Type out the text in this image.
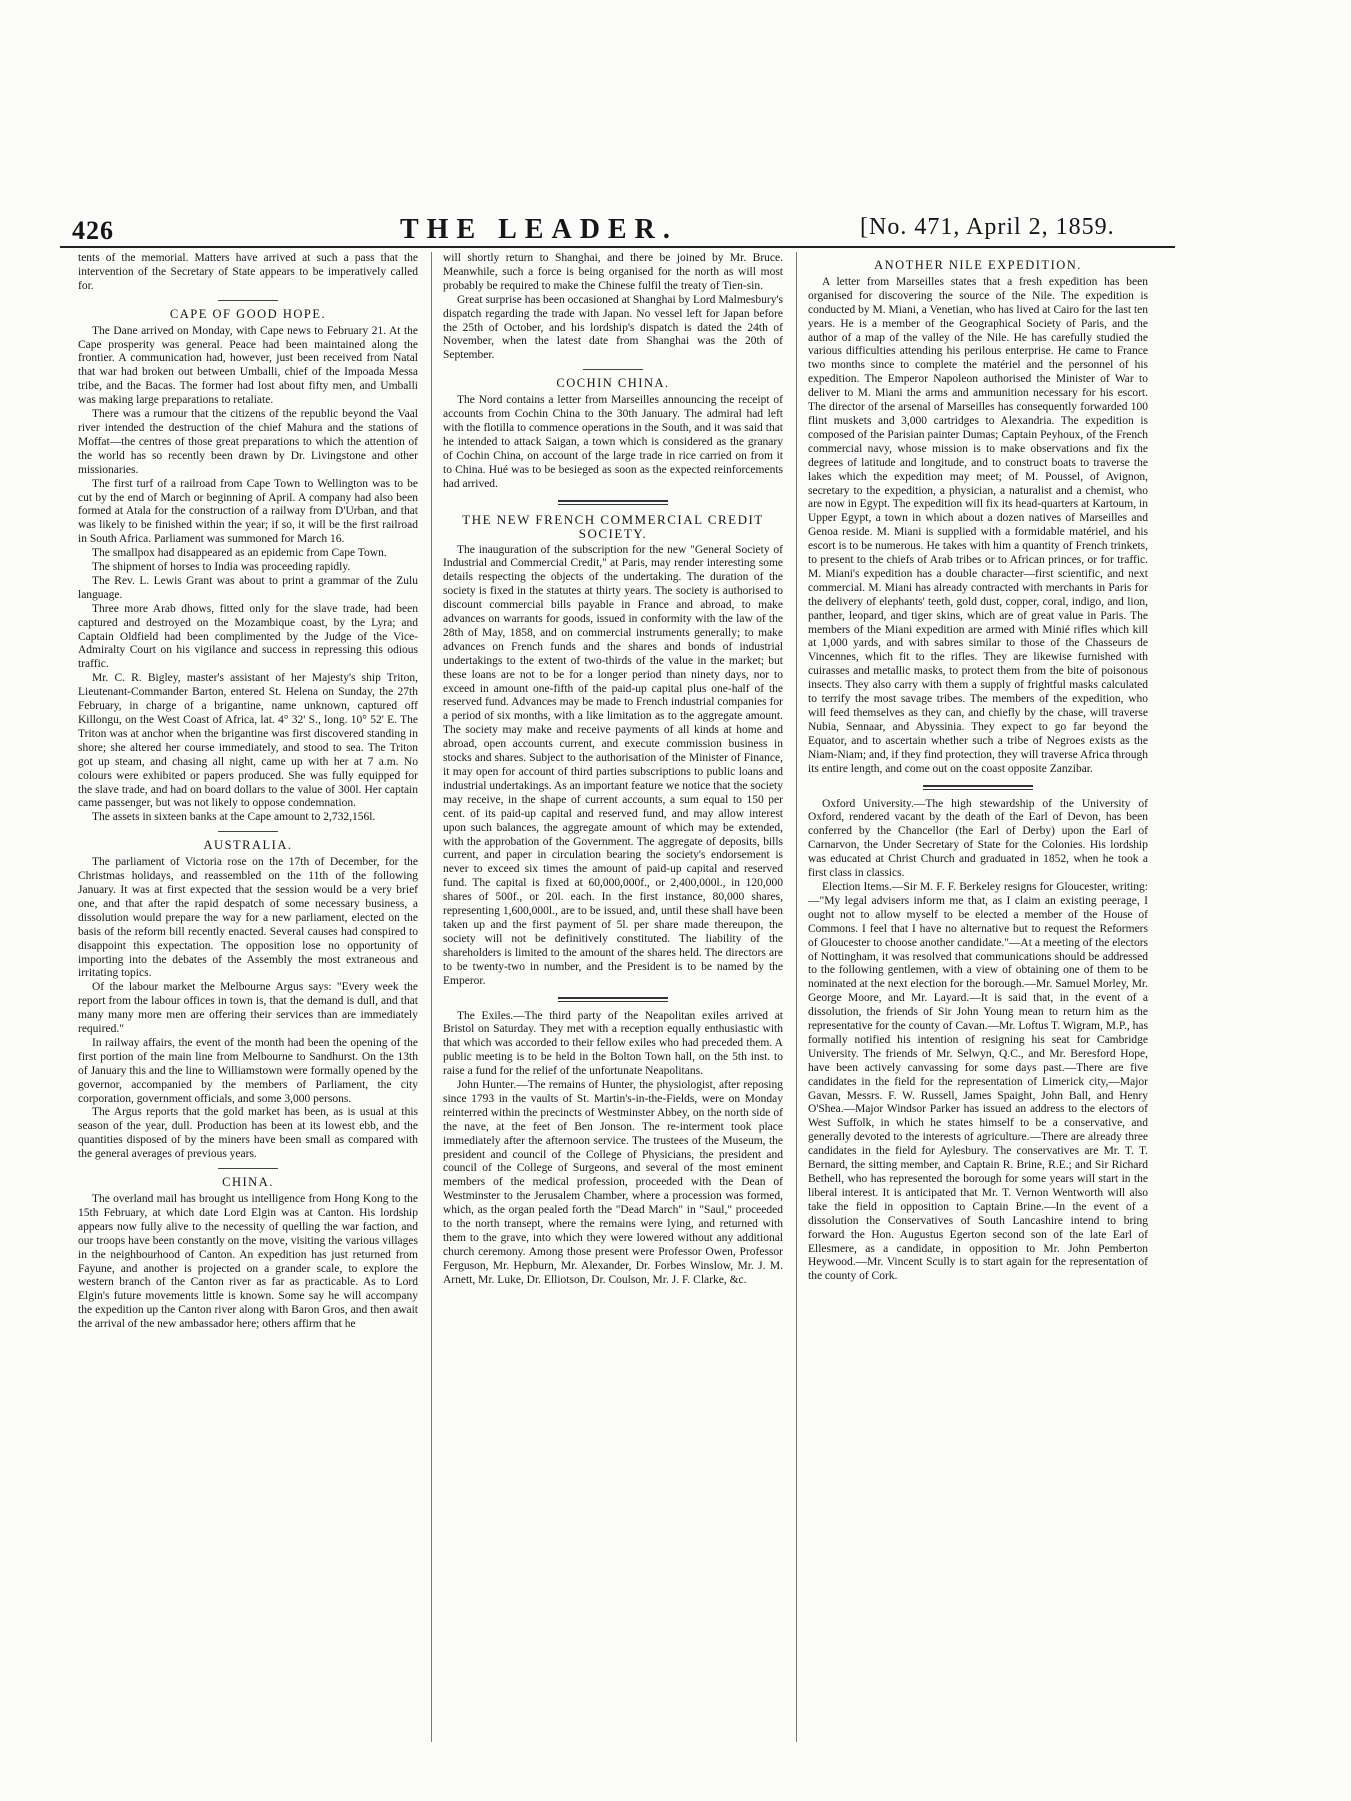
426	THE LEADER.	[No. 471, April 2, 1859.

tents of the memorial. Matters have arrived at such a pass that the intervention of the Secretary of State appears to be imperatively called for.

CAPE OF GOOD HOPE.

The Dane arrived on Monday, with Cape news to February 21. At the Cape prosperity was general. Peace had been maintained along the frontier. A communication had, however, just been received from Natal that war had broken out between Umballi, chief of the Impoada Messa tribe, and the Bacas. The former had lost about fifty men, and Umballi was making large preparations to retaliate.

There was a rumour that the citizens of the republic beyond the Vaal river intended the destruction of the chief Mahura and the stations of Moffat—the centres of those great preparations to which the attention of the world has so recently been drawn by Dr. Livingstone and other missionaries.

The first turf of a railroad from Cape Town to Wellington was to be cut by the end of March or beginning of April. A company had also been formed at Atala for the construction of a railway from D'Urban, and that was likely to be finished within the year; if so, it will be the first railroad in South Africa. Parliament was summoned for March 16.

The smallpox had disappeared as an epidemic from Cape Town.

The shipment of horses to India was proceeding rapidly.

The Rev. L. Lewis Grant was about to print a grammar of the Zulu language.

Three more Arab dhows, fitted only for the slave trade, had been captured and destroyed on the Mozambique coast, by the Lyra; and Captain Oldfield had been complimented by the Judge of the Vice-Admiralty Court on his vigilance and success in repressing this odious traffic.

Mr. C. R. Bigley, master's assistant of her Majesty's ship Triton, Lieutenant-Commander Barton, entered St. Helena on Sunday, the 27th February, in charge of a brigantine, name unknown, captured off Killongu, on the West Coast of Africa, lat. 4° 32' S., long. 10° 52' E. The Triton was at anchor when the brigantine was first discovered standing in shore; she altered her course immediately, and stood to sea. The Triton got up steam, and chasing all night, came up with her at 7 a.m. No colours were exhibited or papers produced. She was fully equipped for the slave trade, and had on board dollars to the value of 300l. Her captain came passenger, but was not likely to oppose condemnation.

The assets in sixteen banks at the Cape amount to 2,732,156l.

AUSTRALIA.

The parliament of Victoria rose on the 17th of December, for the Christmas holidays, and reassembled on the 11th of the following January. It was at first expected that the session would be a very brief one, and that after the rapid despatch of some necessary business, a dissolution would prepare the way for a new parliament, elected on the basis of the reform bill recently enacted. Several causes had conspired to disappoint this expectation. The opposition lose no opportunity of importing into the debates of the Assembly the most extraneous and irritating topics.

Of the labour market the Melbourne Argus says: "Every week the report from the labour offices in town is, that the demand is dull, and that many many more men are offering their services than are immediately required."

In railway affairs, the event of the month had been the opening of the first portion of the main line from Melbourne to Sandhurst. On the 13th of January this and the line to Williamstown were formally opened by the governor, accompanied by the members of Parliament, the city corporation, government officials, and some 3,000 persons.

The Argus reports that the gold market has been, as is usual at this season of the year, dull. Production has been at its lowest ebb, and the quantities disposed of by the miners have been small as compared with the general averages of previous years.

CHINA.

The overland mail has brought us intelligence from Hong Kong to the 15th February, at which date Lord Elgin was at Canton. His lordship appears now fully alive to the necessity of quelling the war faction, and our troops have been constantly on the move, visiting the various villages in the neighbourhood of Canton. An expedition has just returned from Fayune, and another is projected on a grander scale, to explore the western branch of the Canton river as far as practicable. As to Lord Elgin's future movements little is known. Some say he will accompany the expedition up the Canton river along with Baron Gros, and then await the arrival of the new ambassador here; others affirm that he

will shortly return to Shanghai, and there be joined by Mr. Bruce. Meanwhile, such a force is being organised for the north as will most probably be required to make the Chinese fulfil the treaty of Tien-sin.

Great surprise has been occasioned at Shanghai by Lord Malmesbury's dispatch regarding the trade with Japan. No vessel left for Japan before the 25th of October, and his lordship's dispatch is dated the 24th of November, when the latest date from Shanghai was the 20th of September.

COCHIN CHINA.

The Nord contains a letter from Marseilles announcing the receipt of accounts from Cochin China to the 30th January. The admiral had left with the flotilla to commence operations in the South, and it was said that he intended to attack Saigan, a town which is considered as the granary of Cochin China, on account of the large trade in rice carried on from it to China. Hué was to be besieged as soon as the expected reinforcements had arrived.

THE NEW FRENCH COMMERCIAL CREDIT SOCIETY.

The inauguration of the subscription for the new "General Society of Industrial and Commercial Credit," at Paris, may render interesting some details respecting the objects of the undertaking. The duration of the society is fixed in the statutes at thirty years. The society is authorised to discount commercial bills payable in France and abroad, to make advances on warrants for goods, issued in conformity with the law of the 28th of May, 1858, and on commercial instruments generally; to make advances on French funds and the shares and bonds of industrial undertakings to the extent of two-thirds of the value in the market; but these loans are not to be for a longer period than ninety days, nor to exceed in amount one-fifth of the paid-up capital plus one-half of the reserved fund. Advances may be made to French industrial companies for a period of six months, with a like limitation as to the aggregate amount. The society may make and receive payments of all kinds at home and abroad, open accounts current, and execute commission business in stocks and shares. Subject to the authorisation of the Minister of Finance, it may open for account of third parties subscriptions to public loans and industrial undertakings. As an important feature we notice that the society may receive, in the shape of current accounts, a sum equal to 150 per cent. of its paid-up capital and reserved fund, and may allow interest upon such balances, the aggregate amount of which may be extended, with the approbation of the Government. The aggregate of deposits, bills current, and paper in circulation bearing the society's endorsement is never to exceed six times the amount of paid-up capital and reserved fund. The capital is fixed at 60,000,000f., or 2,400,000l., in 120,000 shares of 500f., or 20l. each. In the first instance, 80,000 shares, representing 1,600,000l., are to be issued, and, until these shall have been taken up and the first payment of 5l. per share made thereupon, the society will not be definitively constituted. The liability of the shareholders is limited to the amount of the shares held. The directors are to be twenty-two in number, and the President is to be named by the Emperor.

The Exiles.—The third party of the Neapolitan exiles arrived at Bristol on Saturday. They met with a reception equally enthusiastic with that which was accorded to their fellow exiles who had preceded them. A public meeting is to be held in the Bolton Town hall, on the 5th inst. to raise a fund for the relief of the unfortunate Neapolitans.

John Hunter.—The remains of Hunter, the physiologist, after reposing since 1793 in the vaults of St. Martin's-in-the-Fields, were on Monday reinterred within the precincts of Westminster Abbey, on the north side of the nave, at the feet of Ben Jonson. The re-interment took place immediately after the afternoon service. The trustees of the Museum, the president and council of the College of Physicians, the president and council of the College of Surgeons, and several of the most eminent members of the medical profession, proceeded with the Dean of Westminster to the Jerusalem Chamber, where a procession was formed, which, as the organ pealed forth the "Dead March" in "Saul," proceeded to the north transept, where the remains were lying, and returned with them to the grave, into which they were lowered without any additional church ceremony. Among those present were Professor Owen, Professor Ferguson, Mr. Hepburn, Mr. Alexander, Dr. Forbes Winslow, Mr. J. M. Arnett, Mr. Luke, Dr. Elliotson, Dr. Coulson, Mr. J. F. Clarke, &c.

ANOTHER NILE EXPEDITION.

A letter from Marseilles states that a fresh expedition has been organised for discovering the source of the Nile. The expedition is conducted by M. Miani, a Venetian, who has lived at Cairo for the last ten years. He is a member of the Geographical Society of Paris, and the author of a map of the valley of the Nile. He has carefully studied the various difficulties attending his perilous enterprise. He came to France two months since to complete the matériel and the personnel of his expedition. The Emperor Napoleon authorised the Minister of War to deliver to M. Miani the arms and ammunition necessary for his escort. The director of the arsenal of Marseilles has consequently forwarded 100 flint muskets and 3,000 cartridges to Alexandria. The expedition is composed of the Parisian painter Dumas; Captain Peyhoux, of the French commercial navy, whose mission is to make observations and fix the degrees of latitude and longitude, and to construct boats to traverse the lakes which the expedition may meet; of M. Poussel, of Avignon, secretary to the expedition, a physician, a naturalist and a chemist, who are now in Egypt. The expedition will fix its head-quarters at Kartoum, in Upper Egypt, a town in which about a dozen natives of Marseilles and Genoa reside. M. Miani is supplied with a formidable matériel, and his escort is to be numerous. He takes with him a quantity of French trinkets, to present to the chiefs of Arab tribes or to African princes, or for traffic. M. Miani's expedition has a double character—first scientific, and next commercial. M. Miani has already contracted with merchants in Paris for the delivery of elephants' teeth, gold dust, copper, coral, indigo, and lion, panther, leopard, and tiger skins, which are of great value in Paris. The members of the Miani expedition are armed with Minié rifles which kill at 1,000 yards, and with sabres similar to those of the Chasseurs de Vincennes, which fit to the rifles. They are likewise furnished with cuirasses and metallic masks, to protect them from the bite of poisonous insects. They also carry with them a supply of frightful masks calculated to terrify the most savage tribes. The members of the expedition, who will feed themselves as they can, and chiefly by the chase, will traverse Nubia, Sennaar, and Abyssinia. They expect to go far beyond the Equator, and to ascertain whether such a tribe of Negroes exists as the Niam-Niam; and, if they find protection, they will traverse Africa through its entire length, and come out on the coast opposite Zanzibar.

Oxford University.—The high stewardship of the University of Oxford, rendered vacant by the death of the Earl of Devon, has been conferred by the Chancellor (the Earl of Derby) upon the Earl of Carnarvon, the Under Secretary of State for the Colonies. His lordship was educated at Christ Church and graduated in 1852, when he took a first class in classics.

Election Items.—Sir M. F. F. Berkeley resigns for Gloucester, writing:—"My legal advisers inform me that, as I claim an existing peerage, I ought not to allow myself to be elected a member of the House of Commons. I feel that I have no alternative but to request the Reformers of Gloucester to choose another candidate."—At a meeting of the electors of Nottingham, it was resolved that communications should be addressed to the following gentlemen, with a view of obtaining one of them to be nominated at the next election for the borough.—Mr. Samuel Morley, Mr. George Moore, and Mr. Layard.—It is said that, in the event of a dissolution, the friends of Sir John Young mean to return him as the representative for the county of Cavan.—Mr. Loftus T. Wigram, M.P., has formally notified his intention of resigning his seat for Cambridge University. The friends of Mr. Selwyn, Q.C., and Mr. Beresford Hope, have been actively canvassing for some days past.—There are five candidates in the field for the representation of Limerick city,—Major Gavan, Messrs. F. W. Russell, James Spaight, John Ball, and Henry O'Shea.—Major Windsor Parker has issued an address to the electors of West Suffolk, in which he states himself to be a conservative, and generally devoted to the interests of agriculture.—There are already three candidates in the field for Aylesbury. The conservatives are Mr. T. T. Bernard, the sitting member, and Captain R. Brine, R.E.; and Sir Richard Bethell, who has represented the borough for some years will start in the liberal interest. It is anticipated that Mr. T. Vernon Wentworth will also take the field in opposition to Captain Brine.—In the event of a dissolution the Conservatives of South Lancashire intend to bring forward the Hon. Augustus Egerton second son of the late Earl of Ellesmere, as a candidate, in opposition to Mr. John Pemberton Heywood.—Mr. Vincent Scully is to start again for the representation of the county of Cork.
